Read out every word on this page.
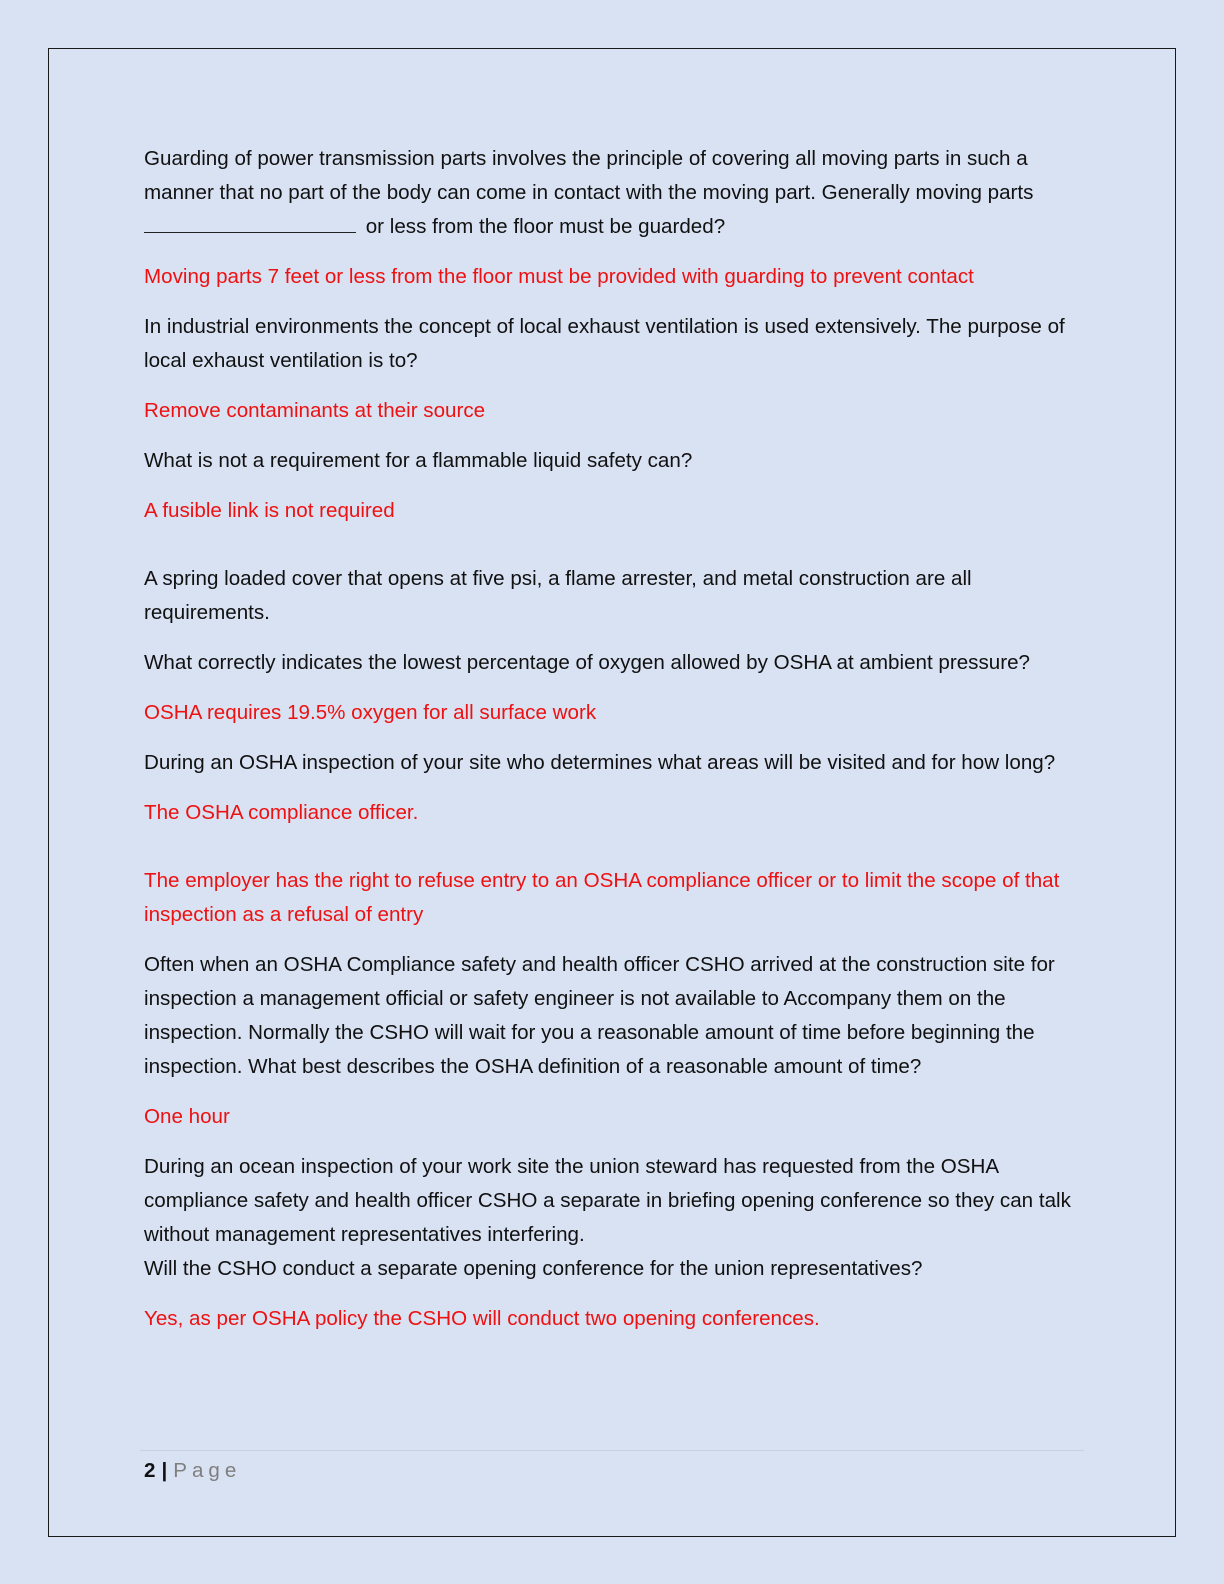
Guarding of power transmission parts involves the principle of covering all moving parts in such a manner that no part of the body can come in contact with the moving part. Generally moving parts or less from the floor must be guarded?

Moving parts 7 feet or less from the floor must be provided with guarding to prevent contact

In industrial environments the concept of local exhaust ventilation is used extensively. The purpose of local exhaust ventilation is to?

Remove contaminants at their source

What is not a requirement for a flammable liquid safety can?

A fusible link is not required

A spring loaded cover that opens at five psi, a flame arrester, and metal construction are all requirements.

What correctly indicates the lowest percentage of oxygen allowed by OSHA at ambient pressure?

OSHA requires 19.5% oxygen for all surface work

During an OSHA inspection of your site who determines what areas will be visited and for how long?

The OSHA compliance officer.

The employer has the right to refuse entry to an OSHA compliance officer or to limit the scope of that inspection as a refusal of entry

Often when an OSHA Compliance safety and health officer CSHO arrived at the construction site for inspection a management official or safety engineer is not available to Accompany them on the inspection. Normally the CSHO will wait for you a reasonable amount of time before beginning the inspection. What best describes the OSHA definition of a reasonable amount of time?

One hour

During an ocean inspection of your work site the union steward has requested from the OSHA compliance safety and health officer CSHO a separate in briefing opening conference so they can talk without management representatives interfering.
Will the CSHO conduct a separate opening conference for the union representatives?

Yes, as per OSHA policy the CSHO will conduct two opening conferences.

2 | Page
